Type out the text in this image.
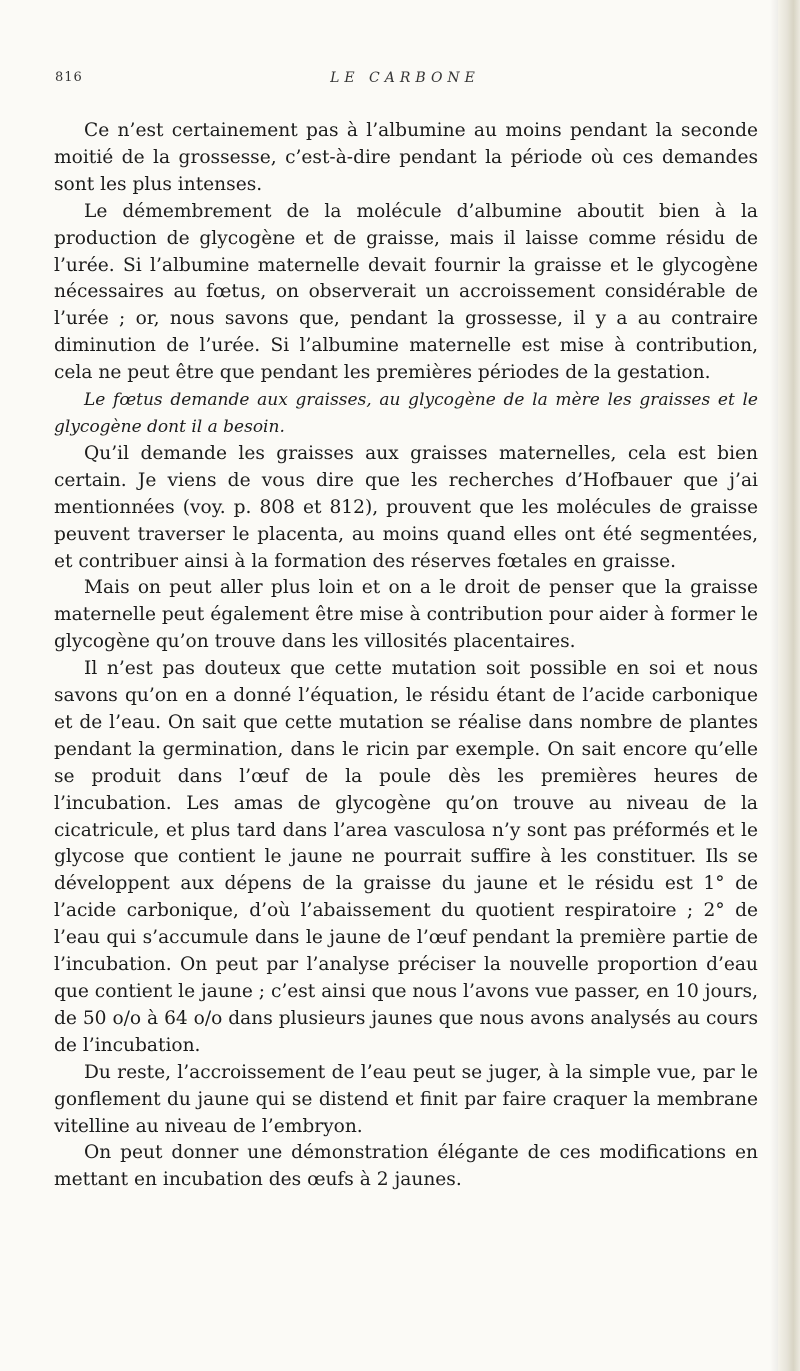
816	LE CARBONE

Ce n’est certainement pas à l’albumine au moins pendant la seconde moitié de la grossesse, c’est-à-dire pendant la période où ces demandes sont les plus intenses.

Le démembrement de la molécule d’albumine aboutit bien à la production de glycogène et de graisse, mais il laisse comme résidu de l’urée. Si l’albumine maternelle devait fournir la graisse et le glycogène nécessaires au fœtus, on observerait un accroissement considérable de l’urée ; or, nous savons que, pendant la grossesse, il y a au contraire diminution de l’urée. Si l’albumine maternelle est mise à contribution, cela ne peut être que pendant les premières périodes de la gestation.

Le fœtus demande aux graisses, au glycogène de la mère les graisses et le glycogène dont il a besoin.

Qu’il demande les graisses aux graisses maternelles, cela est bien certain. Je viens de vous dire que les recherches d’Hofbauer que j’ai mentionnées (voy. p. 808 et 812), prouvent que les molécules de graisse peuvent traverser le placenta, au moins quand elles ont été segmentées, et contribuer ainsi à la formation des réserves fœtales en graisse.

Mais on peut aller plus loin et on a le droit de penser que la graisse maternelle peut également être mise à contribution pour aider à former le glycogène qu’on trouve dans les villosités placentaires.

Il n’est pas douteux que cette mutation soit possible en soi et nous savons qu’on en a donné l’équation, le résidu étant de l’acide carbonique et de l’eau. On sait que cette mutation se réalise dans nombre de plantes pendant la germination, dans le ricin par exemple. On sait encore qu’elle se produit dans l’œuf de la poule dès les premières heures de l’incubation. Les amas de glycogène qu’on trouve au niveau de la cicatricule, et plus tard dans l’area vasculosa n’y sont pas préformés et le glycose que contient le jaune ne pourrait suffire à les constituer. Ils se développent aux dépens de la graisse du jaune et le résidu est 1° de l’acide carbonique, d’où l’abaissement du quotient respiratoire ; 2° de l’eau qui s’accumule dans le jaune de l’œuf pendant la première partie de l’incubation. On peut par l’analyse préciser la nouvelle proportion d’eau que contient le jaune ; c’est ainsi que nous l’avons vue passer, en 10 jours, de 50 o/o à 64 o/o dans plusieurs jaunes que nous avons analysés au cours de l’incubation.

Du reste, l’accroissement de l’eau peut se juger, à la simple vue, par le gonflement du jaune qui se distend et finit par faire craquer la membrane vitelline au niveau de l’embryon.

On peut donner une démonstration élégante de ces modifications en mettant en incubation des œufs à 2 jaunes.
